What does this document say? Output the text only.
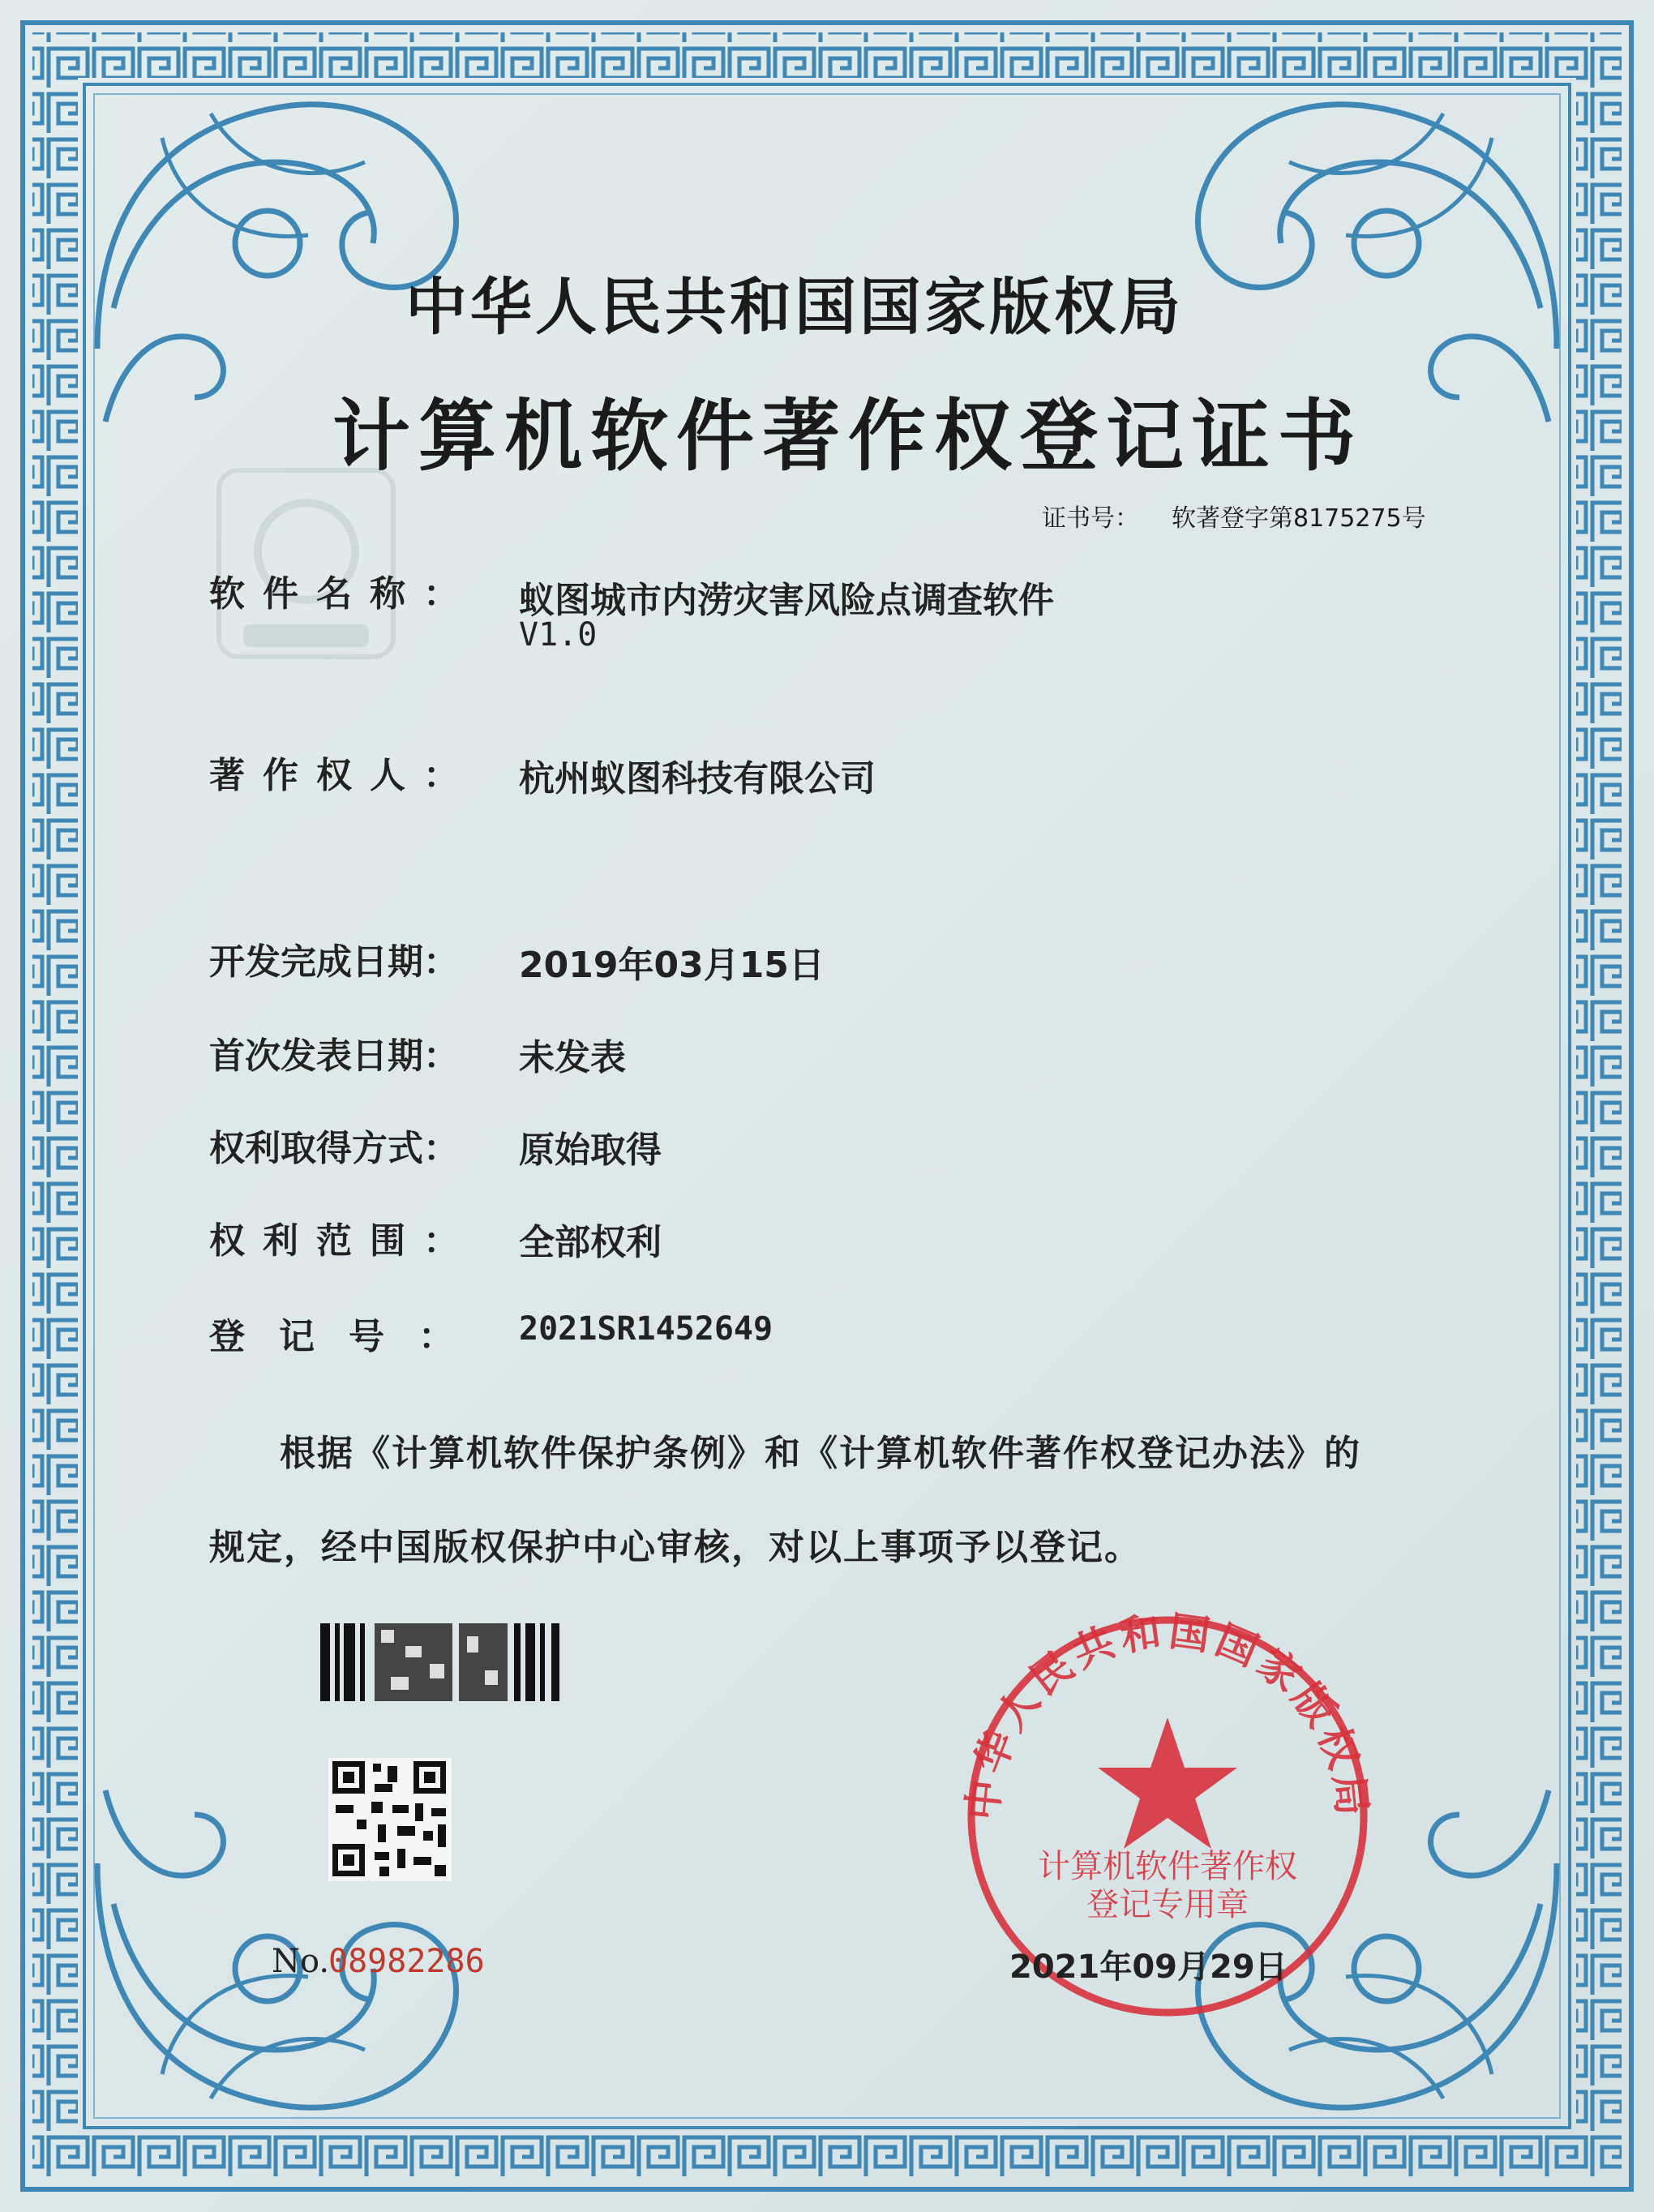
中华人民共和国国家版权局
计算机软件著作权登记证书
证书号： 软著登字第8175275号
软件名称： 蚁图城市内涝灾害风险点调查软件
V1.0
著作权人： 杭州蚁图科技有限公司
开发完成日期： 2019年03月15日
首次发表日期： 未发表
权利取得方式： 原始取得
权利范围： 全部权利
登记号： 2021SR1452649
根据《计算机软件保护条例》和《计算机软件著作权登记办法》的
规定，经中国版权保护中心审核，对以上事项予以登记。
No.
08982286
中华人民共和国国家版权局
计算机软件著作权
登记专用章
2021年09月29日
